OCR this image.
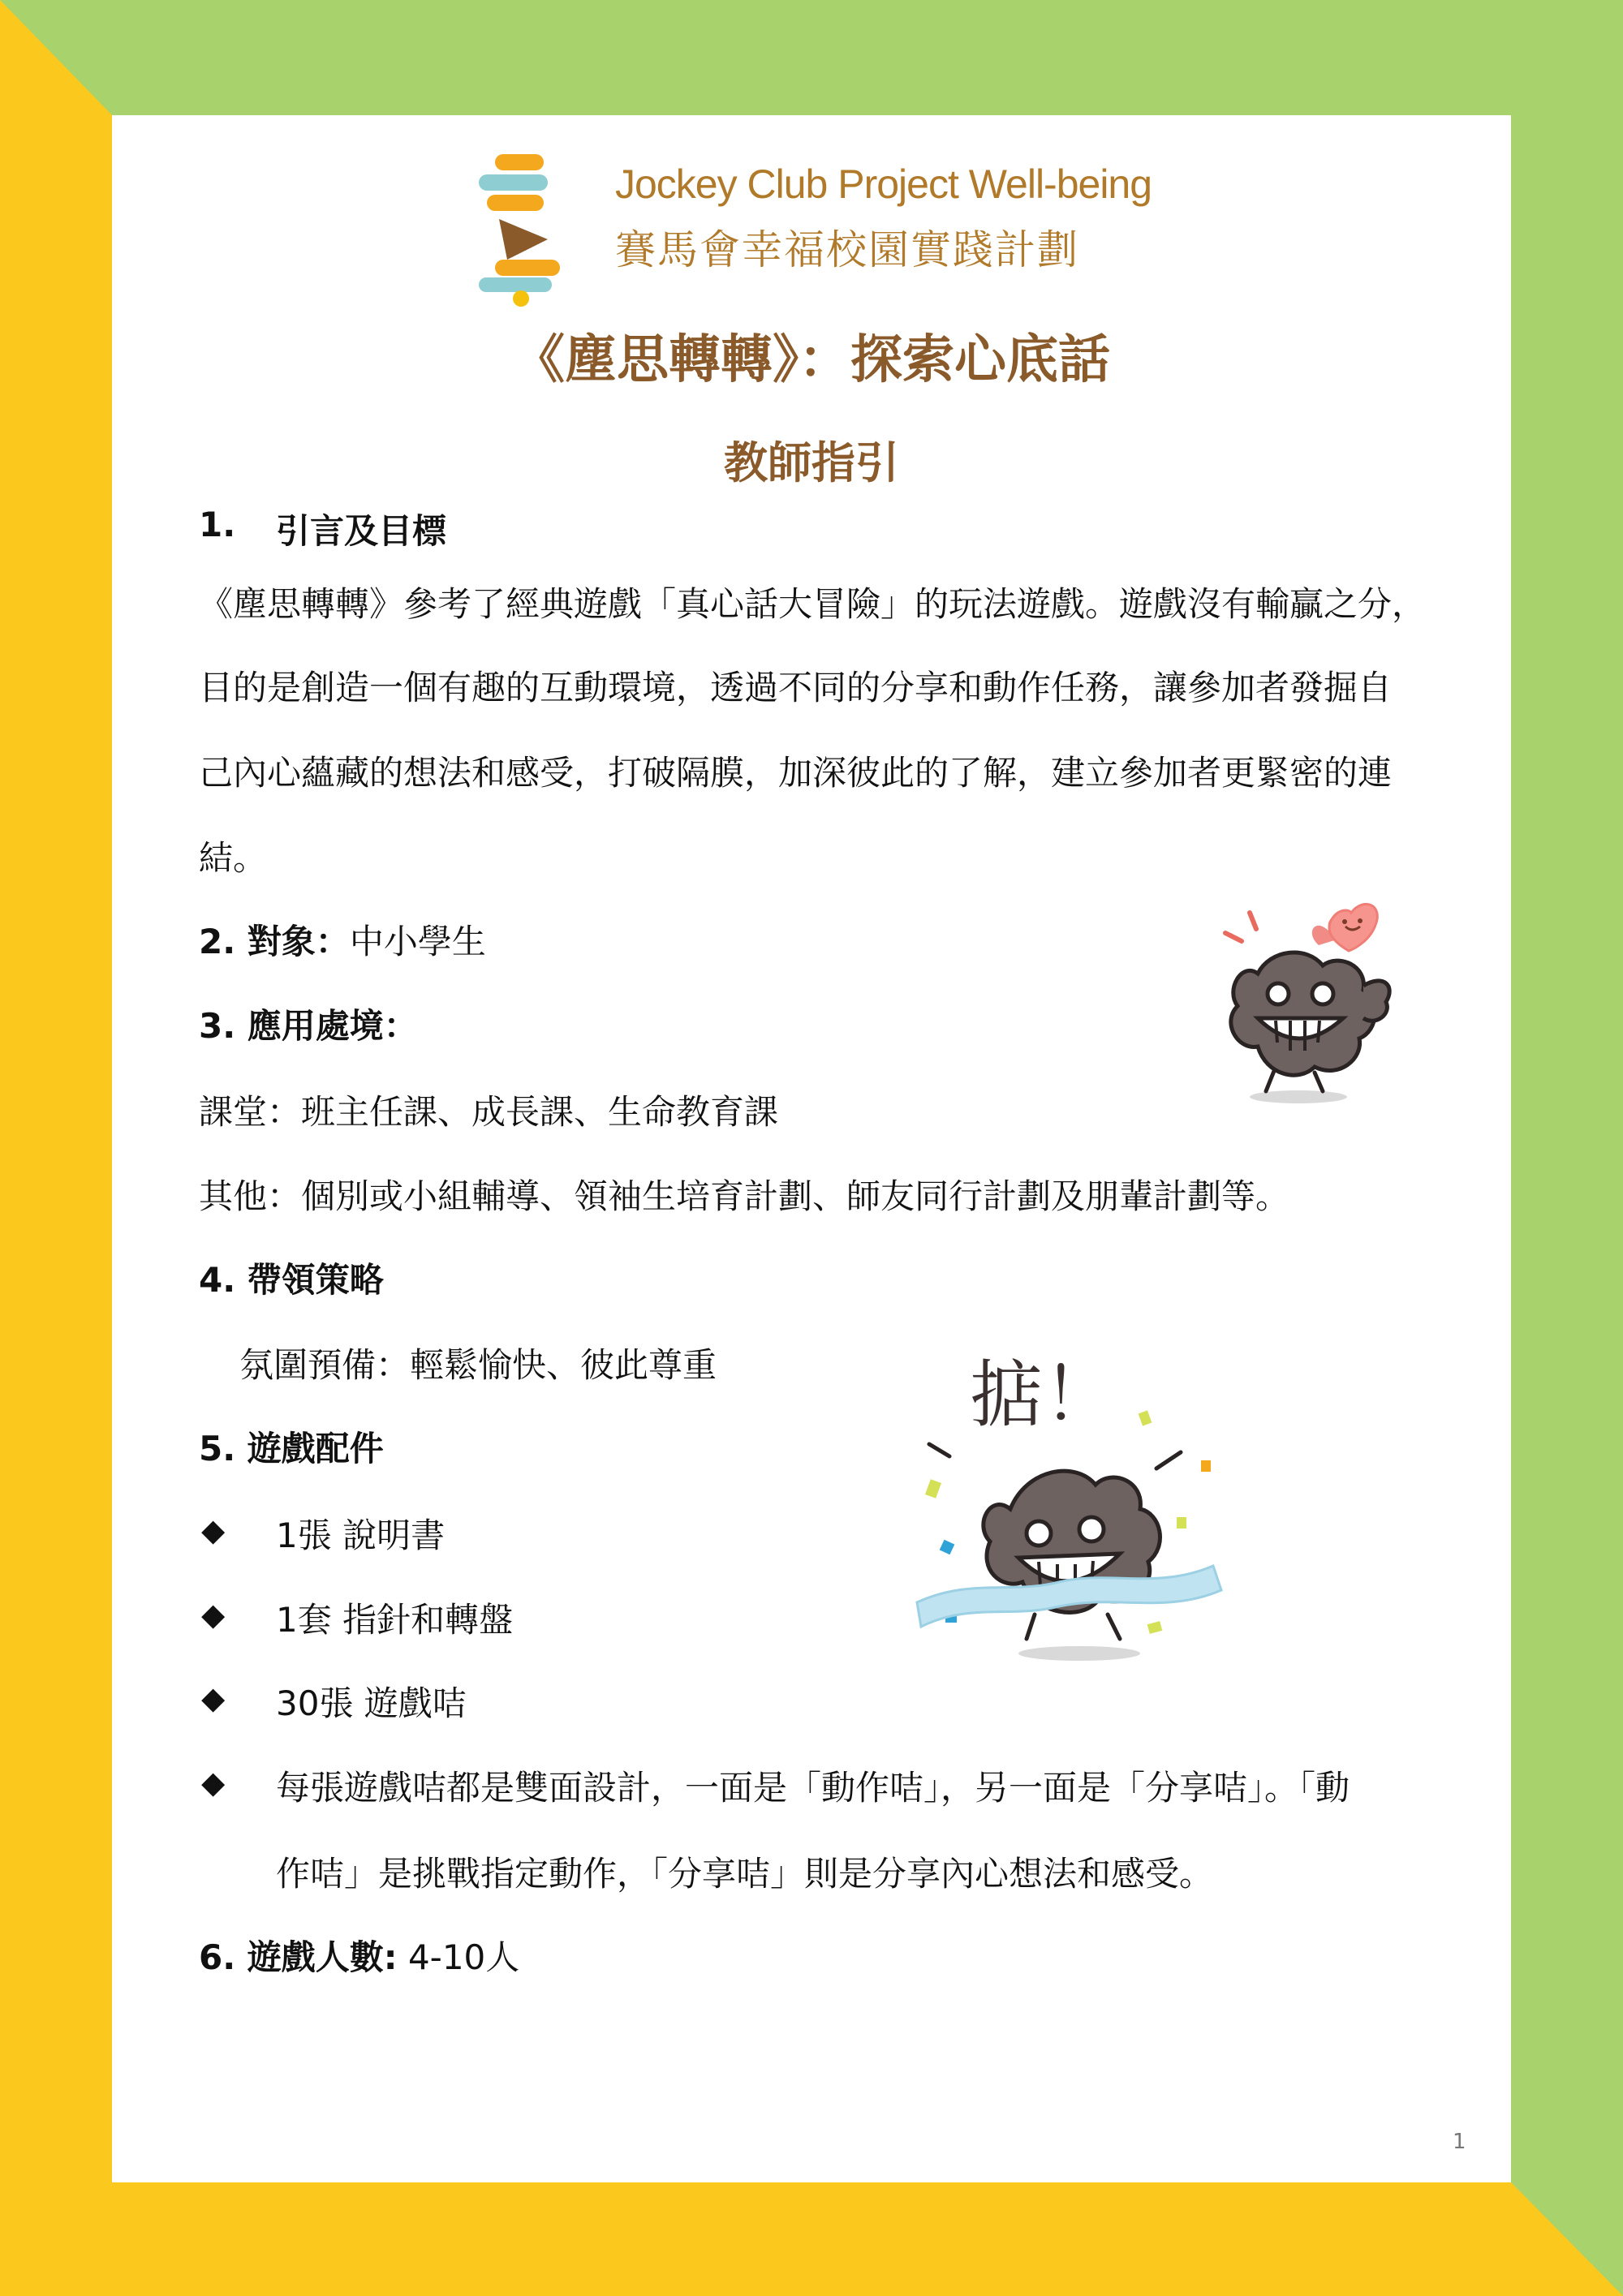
Jockey Club Project Well-being
賽馬會幸福校園實踐計劃
《塵思轉轉》：探索心底話
教師指引
1. 引言及目標
《塵思轉轉》參考了經典遊戲「真心話大冒險」的玩法遊戲。遊戲沒有輸贏之分，
目的是創造一個有趣的互動環境，透過不同的分享和動作任務，讓參加者發掘自
己內心蘊藏的想法和感受，打破隔膜，加深彼此的了解，建立參加者更緊密的連
結。
2. 對象：中小學生
3. 應用處境：
課堂：班主任課、成長課、生命教育課
其他：個別或小組輔導、領袖生培育計劃、師友同行計劃及朋輩計劃等。
4. 帶領策略
氛圍預備：輕鬆愉快、彼此尊重
5. 遊戲配件
◆ 1張 說明書
◆ 1套 指針和轉盤
◆ 30張 遊戲咭
◆ 每張遊戲咭都是雙面設計，一面是「動作咭」，另一面是「分享咭」。「動
作咭」是挑戰指定動作，「分享咭」則是分享內心想法和感受。
6. 遊戲人數: 4-10人
掂！
1
